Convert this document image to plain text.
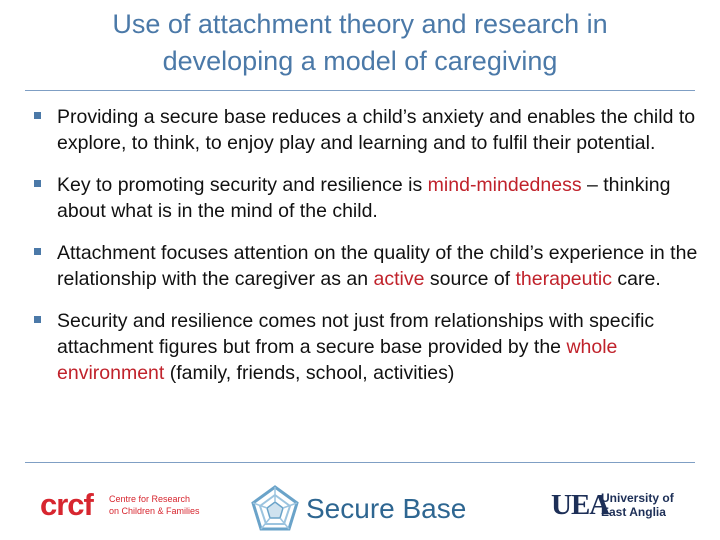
Use of attachment theory and research in
developing a model of caregiving
Providing a secure base reduces a child’s anxiety and enables the child to explore, to think, to enjoy play and learning and to fulfil their potential.
Key to promoting security and resilience is mind-mindedness – thinking about what is in the mind of the child.
Attachment focuses attention on the quality of the child’s experience in the relationship with the caregiver as an active source of therapeutic care.
Security and resilience comes not just from relationships with specific attachment figures but from a secure base provided by the whole environment (family, friends, school, activities)
crcf Centre for Research
on Children & Families	Secure Base	UEA
University of
East Anglia
